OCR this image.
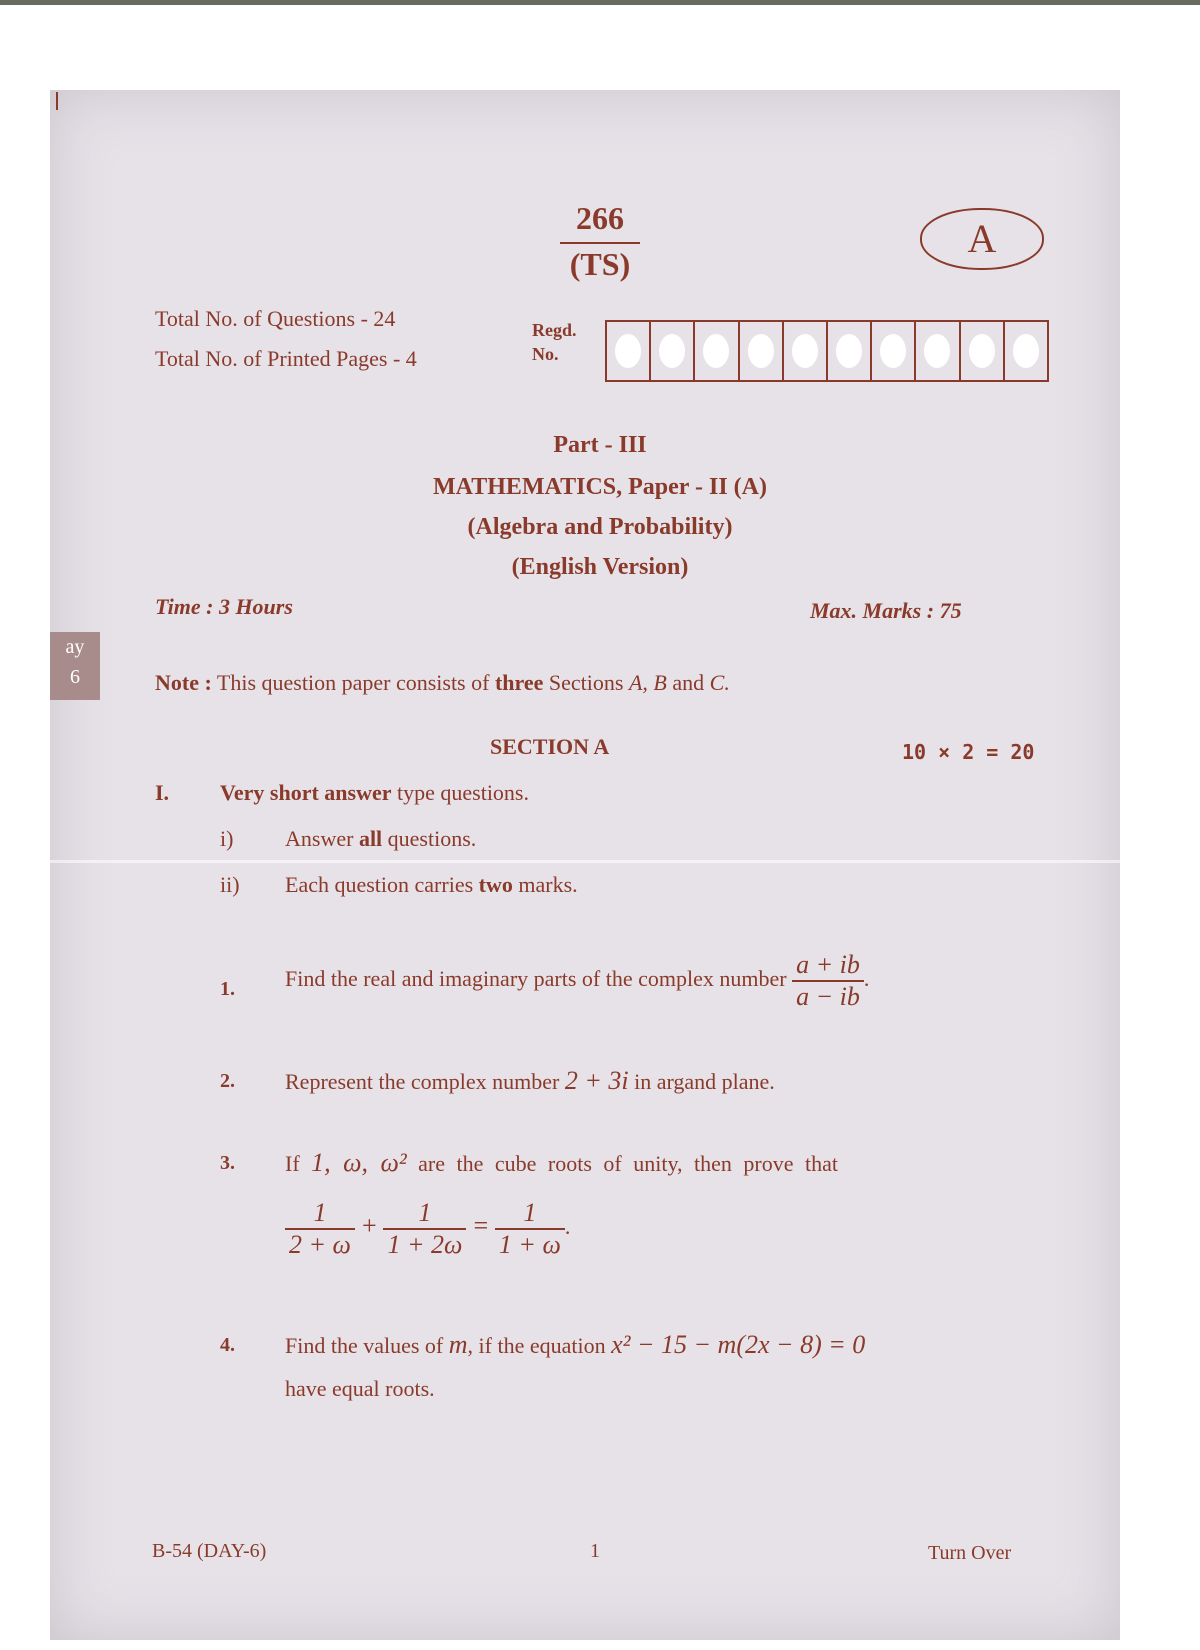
ay
6
266
(TS)
A
Total No. of Questions - 24
Total No. of Printed Pages - 4
Regd.
No.
Part - III
MATHEMATICS, Paper - II (A)
(Algebra and Probability)
(English Version)
Time : 3 Hours	Max. Marks : 75
Note : This question paper consists of three Sections A, B and C.
SECTION A	10 × 2 = 20
I. Very short answer type questions.
i) Answer all questions.
ii) Each question carries two marks.
1. Find the real and imaginary parts of the complex number $\frac{a + ib}{a - ib}$ .
2. Represent the complex number 2 + 3i in argand plane.
3. If 1, ω, ω² are the cube roots of unity, then prove that
$\frac{1}{2 + \omega} + \frac{1}{1 + 2\omega} = \frac{1}{1 + \omega}$ .
4. Find the values of m, if the equation x² − 15 − m(2x − 8) = 0
have equal roots.
B-54 (DAY-6)	1	Turn Over
